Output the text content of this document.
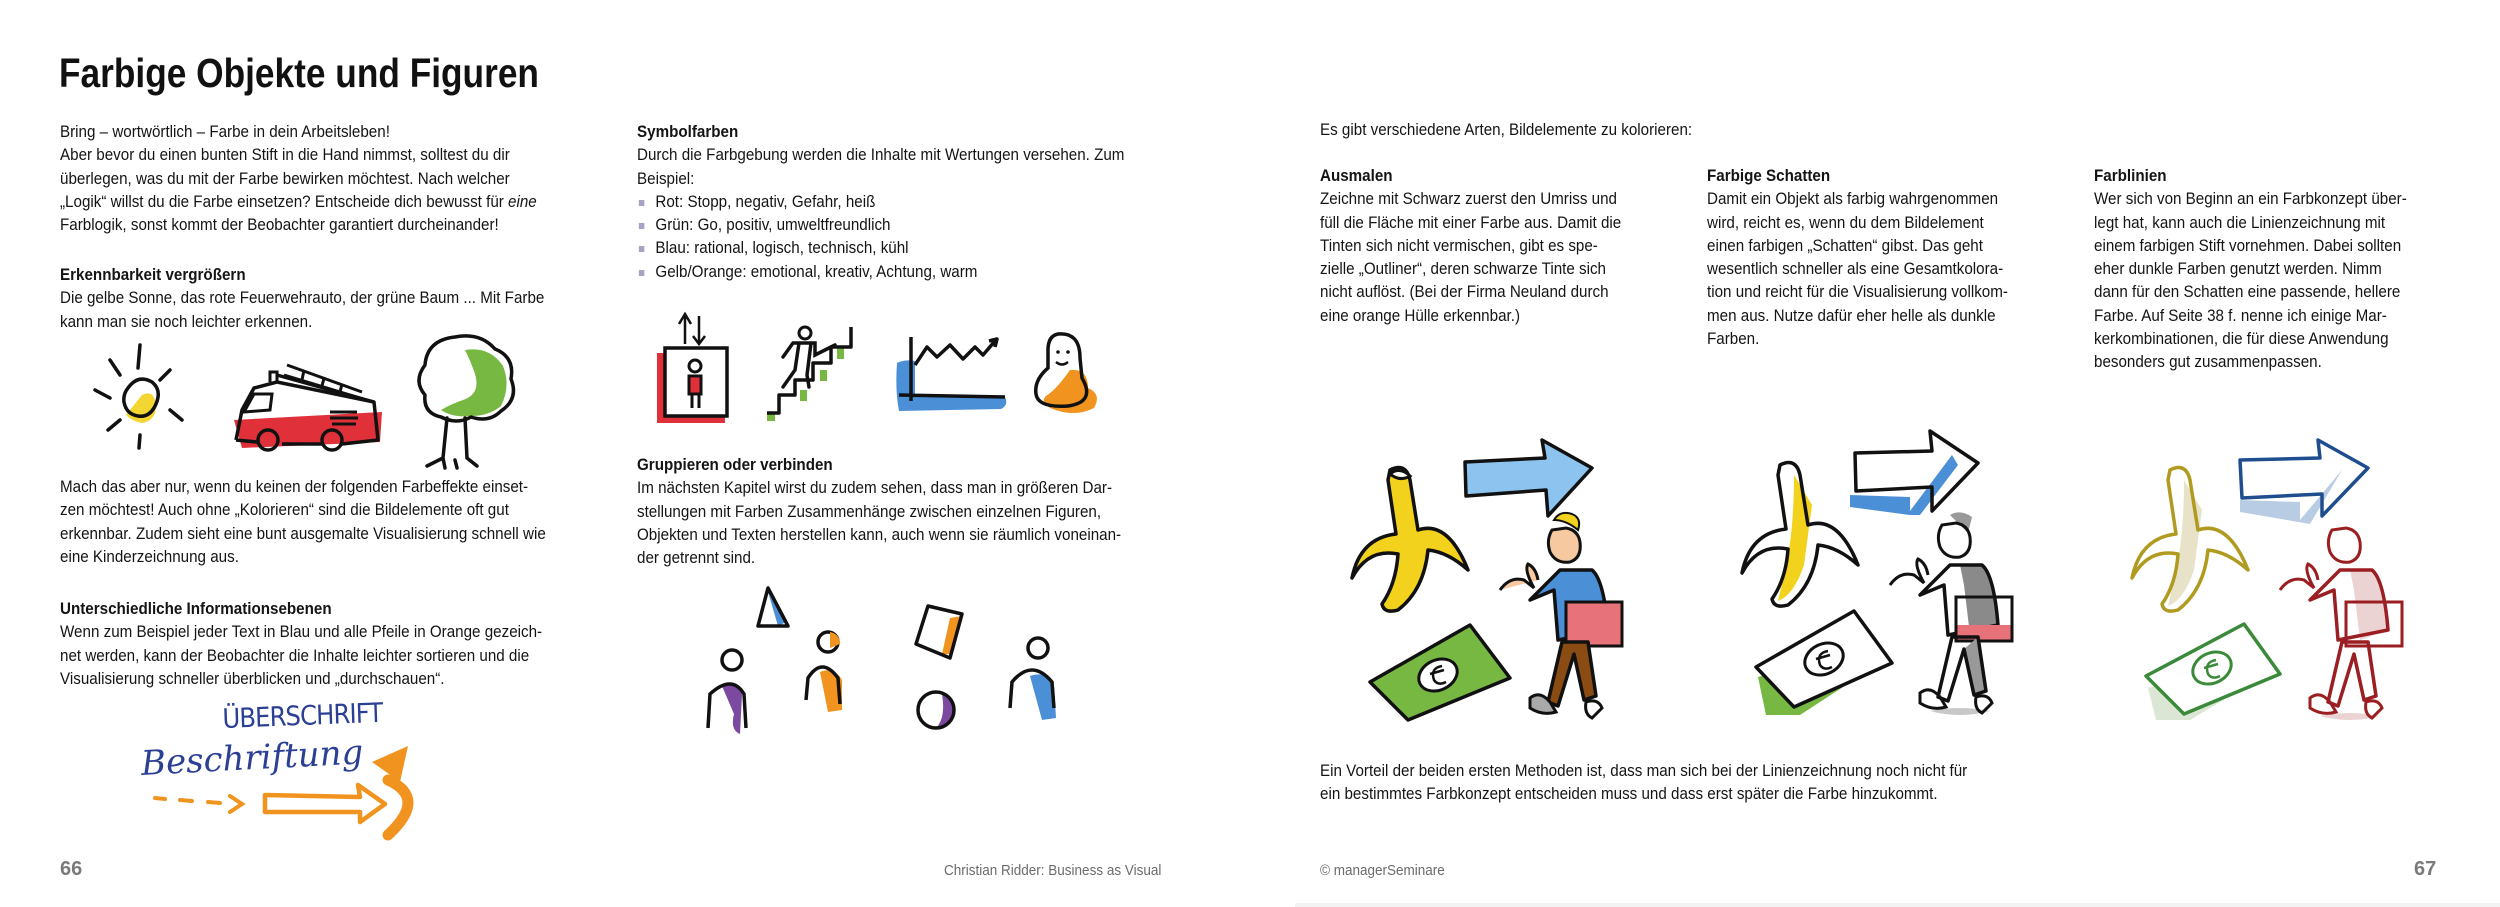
Farbige Objekte und Figuren

Bring – wortwörtlich – Farbe in dein Arbeitsleben!

Aber bevor du einen bunten Stift in die Hand nimmst, solltest du dir

überlegen, was du mit der Farbe bewirken möchtest. Nach welcher

„Logik“ willst du die Farbe einsetzen? Entscheide dich bewusst für eine

Farblogik, sonst kommt der Beobachter garantiert durcheinander!

Erkennbarkeit vergrößern

Die gelbe Sonne, das rote Feuerwehrauto, der grüne Baum ... Mit Farbe

kann man sie noch leichter erkennen.

Mach das aber nur, wenn du keinen der folgenden Farbeffekte einset-

zen möchtest! Auch ohne „Kolorieren“ sind die Bildelemente oft gut

erkennbar. Zudem sieht eine bunt ausgemalte Visualisierung schnell wie

eine Kinderzeichnung aus.

Unterschiedliche Informationsebenen

Wenn zum Beispiel jeder Text in Blau und alle Pfeile in Orange gezeich-

net werden, kann der Beobachter die Inhalte leichter sortieren und die

Visualisierung schneller überblicken und „durchschauen“.

ÜBERSCHRIFT
Beschriftung

Symbolfarben

Durch die Farbgebung werden die Inhalte mit Wertungen versehen. Zum

Beispiel:

Rot: Stopp, negativ, Gefahr, heiß
Grün: Go, positiv, umweltfreundlich
Blau: rational, logisch, technisch, kühl
Gelb/Orange: emotional, kreativ, Achtung, warm

Gruppieren oder verbinden

Im nächsten Kapitel wirst du zudem sehen, dass man in größeren Dar-

stellungen mit Farben Zusammenhänge zwischen einzelnen Figuren,

Objekten und Texten herstellen kann, auch wenn sie räumlich voneinan-

der getrennt sind.

66	Christian Ridder: Business as Visual
Es gibt verschiedene Arten, Bildelemente zu kolorieren:

Ausmalen

Zeichne mit Schwarz zuerst den Umriss und

füll die Fläche mit einer Farbe aus. Damit die

Tinten sich nicht vermischen, gibt es spe-

zielle „Outliner“, deren schwarze Tinte sich

nicht auflöst. (Bei der Firma Neuland durch

eine orange Hülle erkennbar.)

Farbige Schatten

Damit ein Objekt als farbig wahrgenommen

wird, reicht es, wenn du dem Bildelement

einen farbigen „Schatten“ gibst. Das geht

wesentlich schneller als eine Gesamtkolora-

tion und reicht für die Visualisierung vollkom-

men aus. Nutze dafür eher helle als dunkle

Farben.

Farblinien

Wer sich von Beginn an ein Farbkonzept über-

legt hat, kann auch die Linienzeichnung mit

einem farbigen Stift vornehmen. Dabei sollten

eher dunkle Farben genutzt werden. Nimm

dann für den Schatten eine passende, hellere

Farbe. Auf Seite 38 f. nenne ich einige Mar-

kerkombinationen, die für diese Anwendung

besonders gut zusammenpassen.

Ein Vorteil der beiden ersten Methoden ist, dass man sich bei der Linienzeichnung noch nicht für

ein bestimmtes Farbkonzept entscheiden muss und dass erst später die Farbe hinzukommt.

© managerSeminare	67
